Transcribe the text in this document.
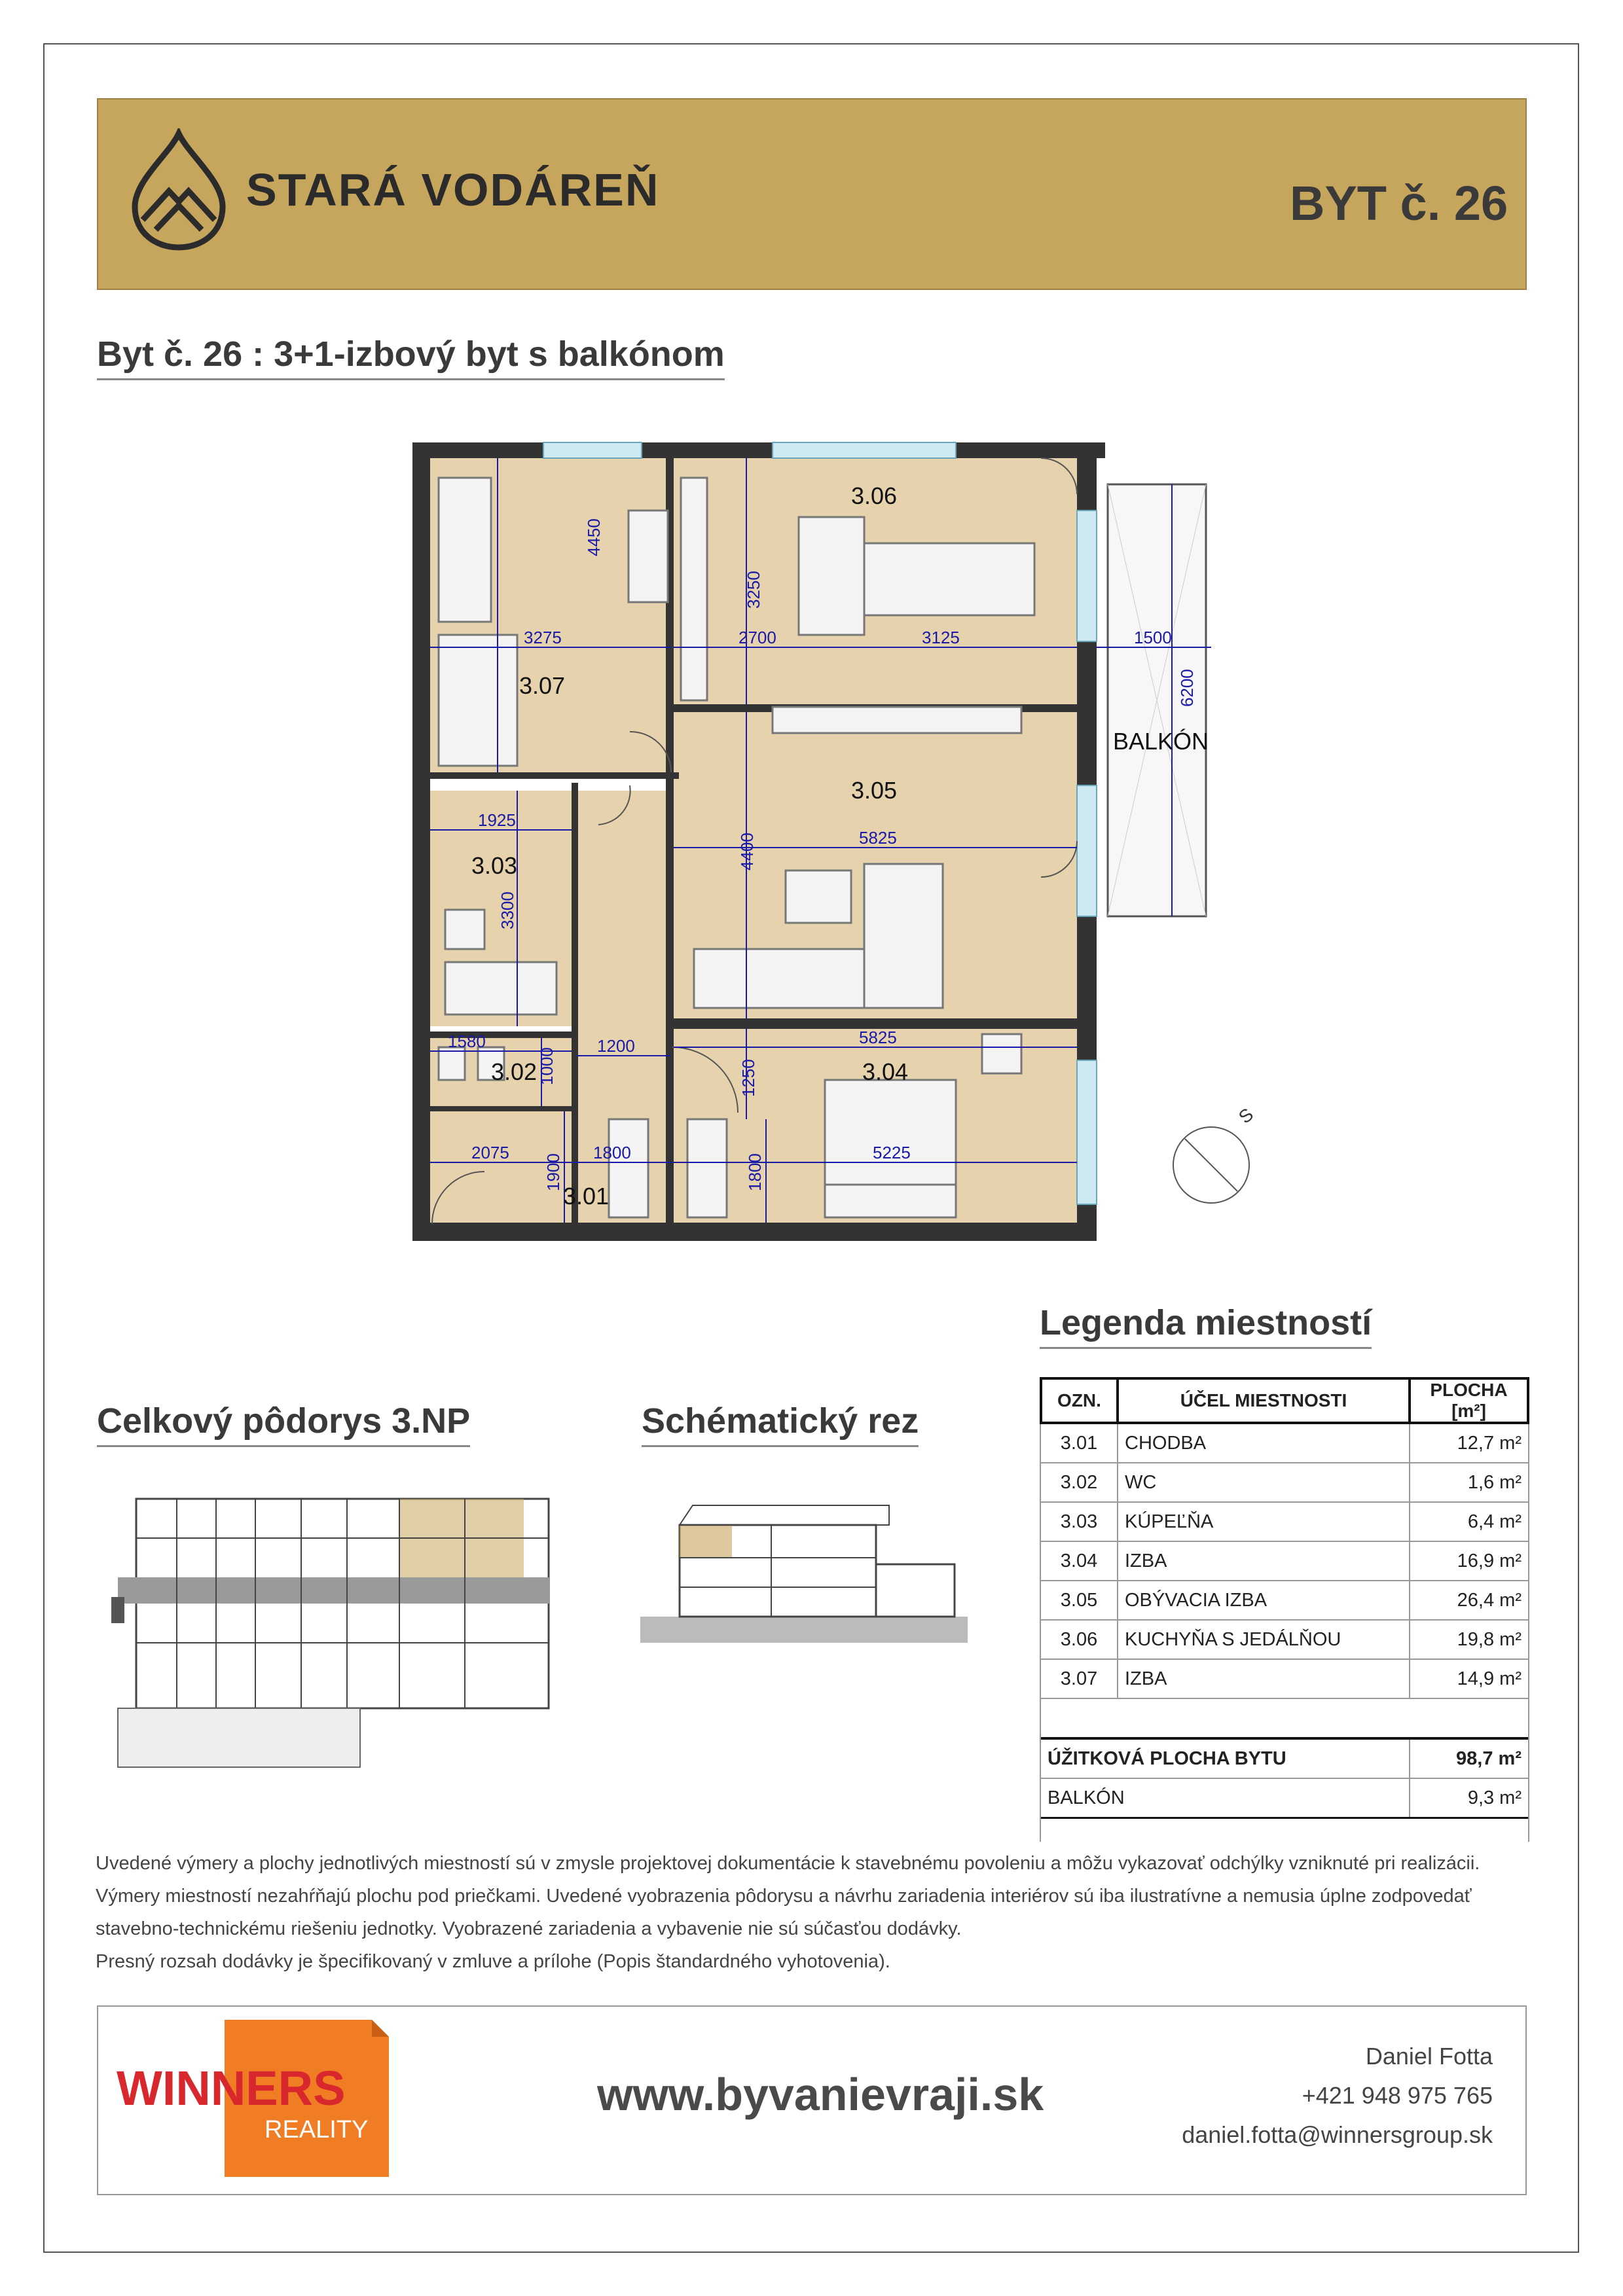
STARÁ VODÁREŇ	BYT č. 26
Byt č. 26 : 3+1-izbový byt s balkónom
3.06
3.07
3.05
3.03
3.02	3.04
3.01
BALKÓN
4450
3275
3250
2700	3125	1500
6200
1925
3300
4400	5825
1580
1000
1200	5825
1250
2075
1900
1800
1800
5225
S
Celkový pôdorys 3.NP	Schématický rez
Legenda miestností
OZN.	ÚČEL MIESTNOSTI	PLOCHA
[m²]
3.01	CHODBA	12,7 m²
3.02	WC	1,6 m²
3.03	KÚPEĽŇA	6,4 m²
3.04	IZBA	16,9 m²
3.05	OBÝVACIA IZBA	26,4 m²
3.06	KUCHYŇA S JEDÁLŇOU	19,8 m²
3.07	IZBA	14,9 m²

ÚŽITKOVÁ PLOCHA BYTU		98,7 m²
BALKÓN		9,3 m²
Uvedené výmery a plochy jednotlivých miestností sú v zmysle projektovej dokumentácie k stavebnému povoleniu a môžu vykazovať odchýlky vzniknuté pri realizácii.
Výmery miestností nezahŕňajú plochu pod priečkami. Uvedené vyobrazenia pôdorysu a návrhu zariadenia interiérov sú iba ilustratívne a nemusia úplne zodpovedať
stavebno-technickému riešeniu jednotky. Vyobrazené zariadenia a vybavenie nie sú súčasťou dodávky.
Presný rozsah dodávky je špecifikovaný v zmluve a prílohe (Popis štandardného vyhotovenia).
WINNERS
REALITY
www.byvanievraji.sk
Daniel Fotta
+421 948 975 765
daniel.fotta@winnersgroup.sk
